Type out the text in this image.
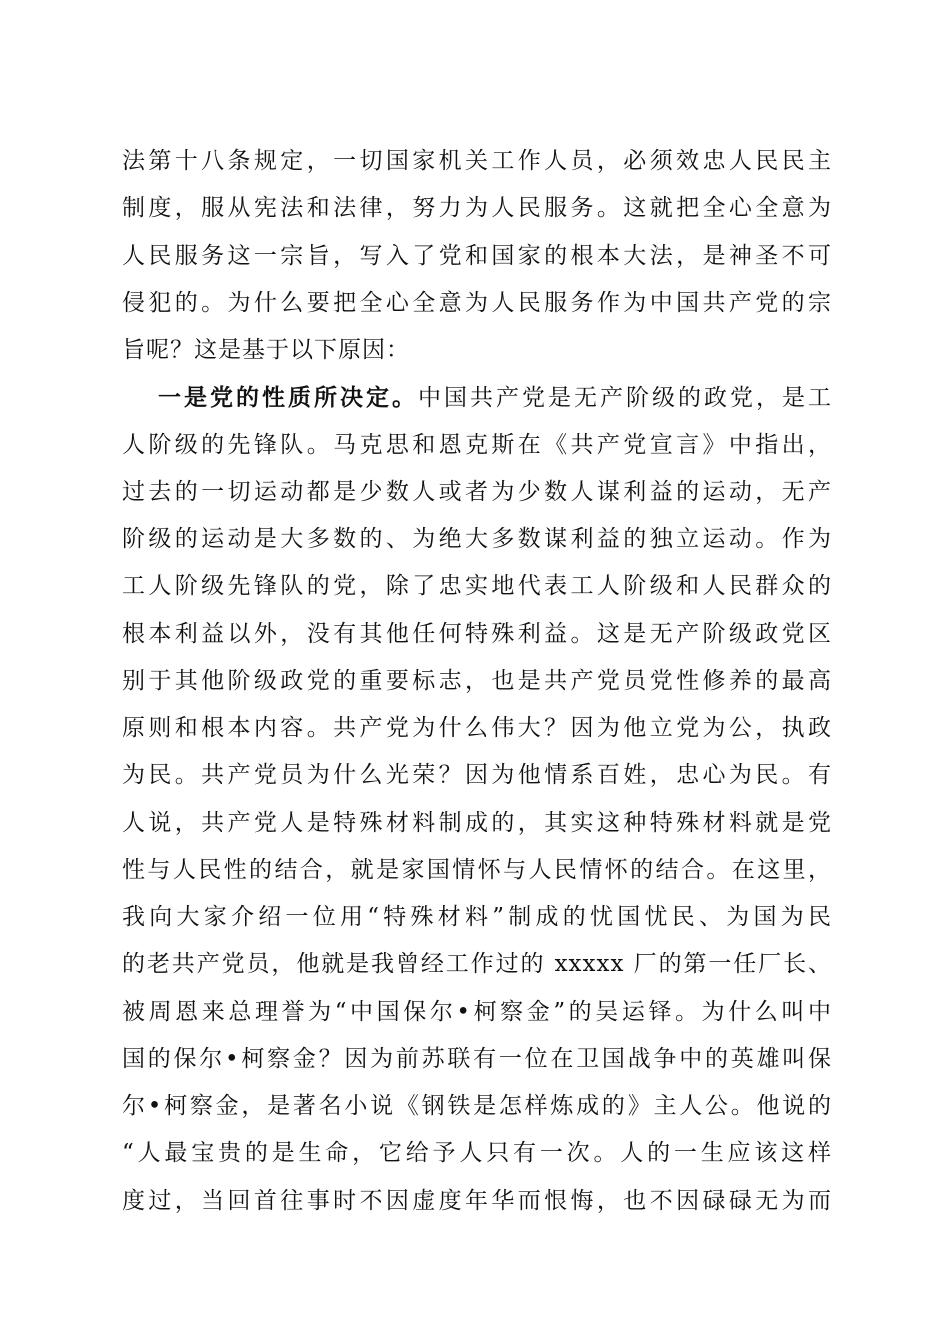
法第十八条规定，一切国家机关工作人员，必须效忠人民民主
制度，服从宪法和法律，努力为人民服务。这就把全心全意为
人民服务这一宗旨，写入了党和国家的根本大法，是神圣不可
侵犯的。为什么要把全心全意为人民服务作为中国共产党的宗
旨呢？这是基于以下原因：
一是党的性质所决定。中国共产党是无产阶级的政党，是工
人阶级的先锋队。马克思和恩克斯在《共产党宣言》中指出，
过去的一切运动都是少数人或者为少数人谋利益的运动，无产
阶级的运动是大多数的、为绝大多数谋利益的独立运动。作为
工人阶级先锋队的党，除了忠实地代表工人阶级和人民群众的
根本利益以外，没有其他任何特殊利益。这是无产阶级政党区
别于其他阶级政党的重要标志，也是共产党员党性修养的最高
原则和根本内容。共产党为什么伟大？因为他立党为公，执政
为民。共产党员为什么光荣？因为他情系百姓，忠心为民。有
人说，共产党人是特殊材料制成的，其实这种特殊材料就是党
性与人民性的结合，就是家国情怀与人民情怀的结合。在这里，
我向大家介绍一位用“特殊材料”制成的忧国忧民、为国为民
的老共产党员，他就是我曾经工作过的 xxxxx 厂的第一任厂长、
被周恩来总理誉为“中国保尔•柯察金”的吴运铎。为什么叫中
国的保尔•柯察金？因为前苏联有一位在卫国战争中的英雄叫保
尔•柯察金，是著名小说《钢铁是怎样炼成的》主人公。他说的
“人最宝贵的是生命，它给予人只有一次。人的一生应该这样
度过，当回首往事时不因虚度年华而恨悔，也不因碌碌无为而
